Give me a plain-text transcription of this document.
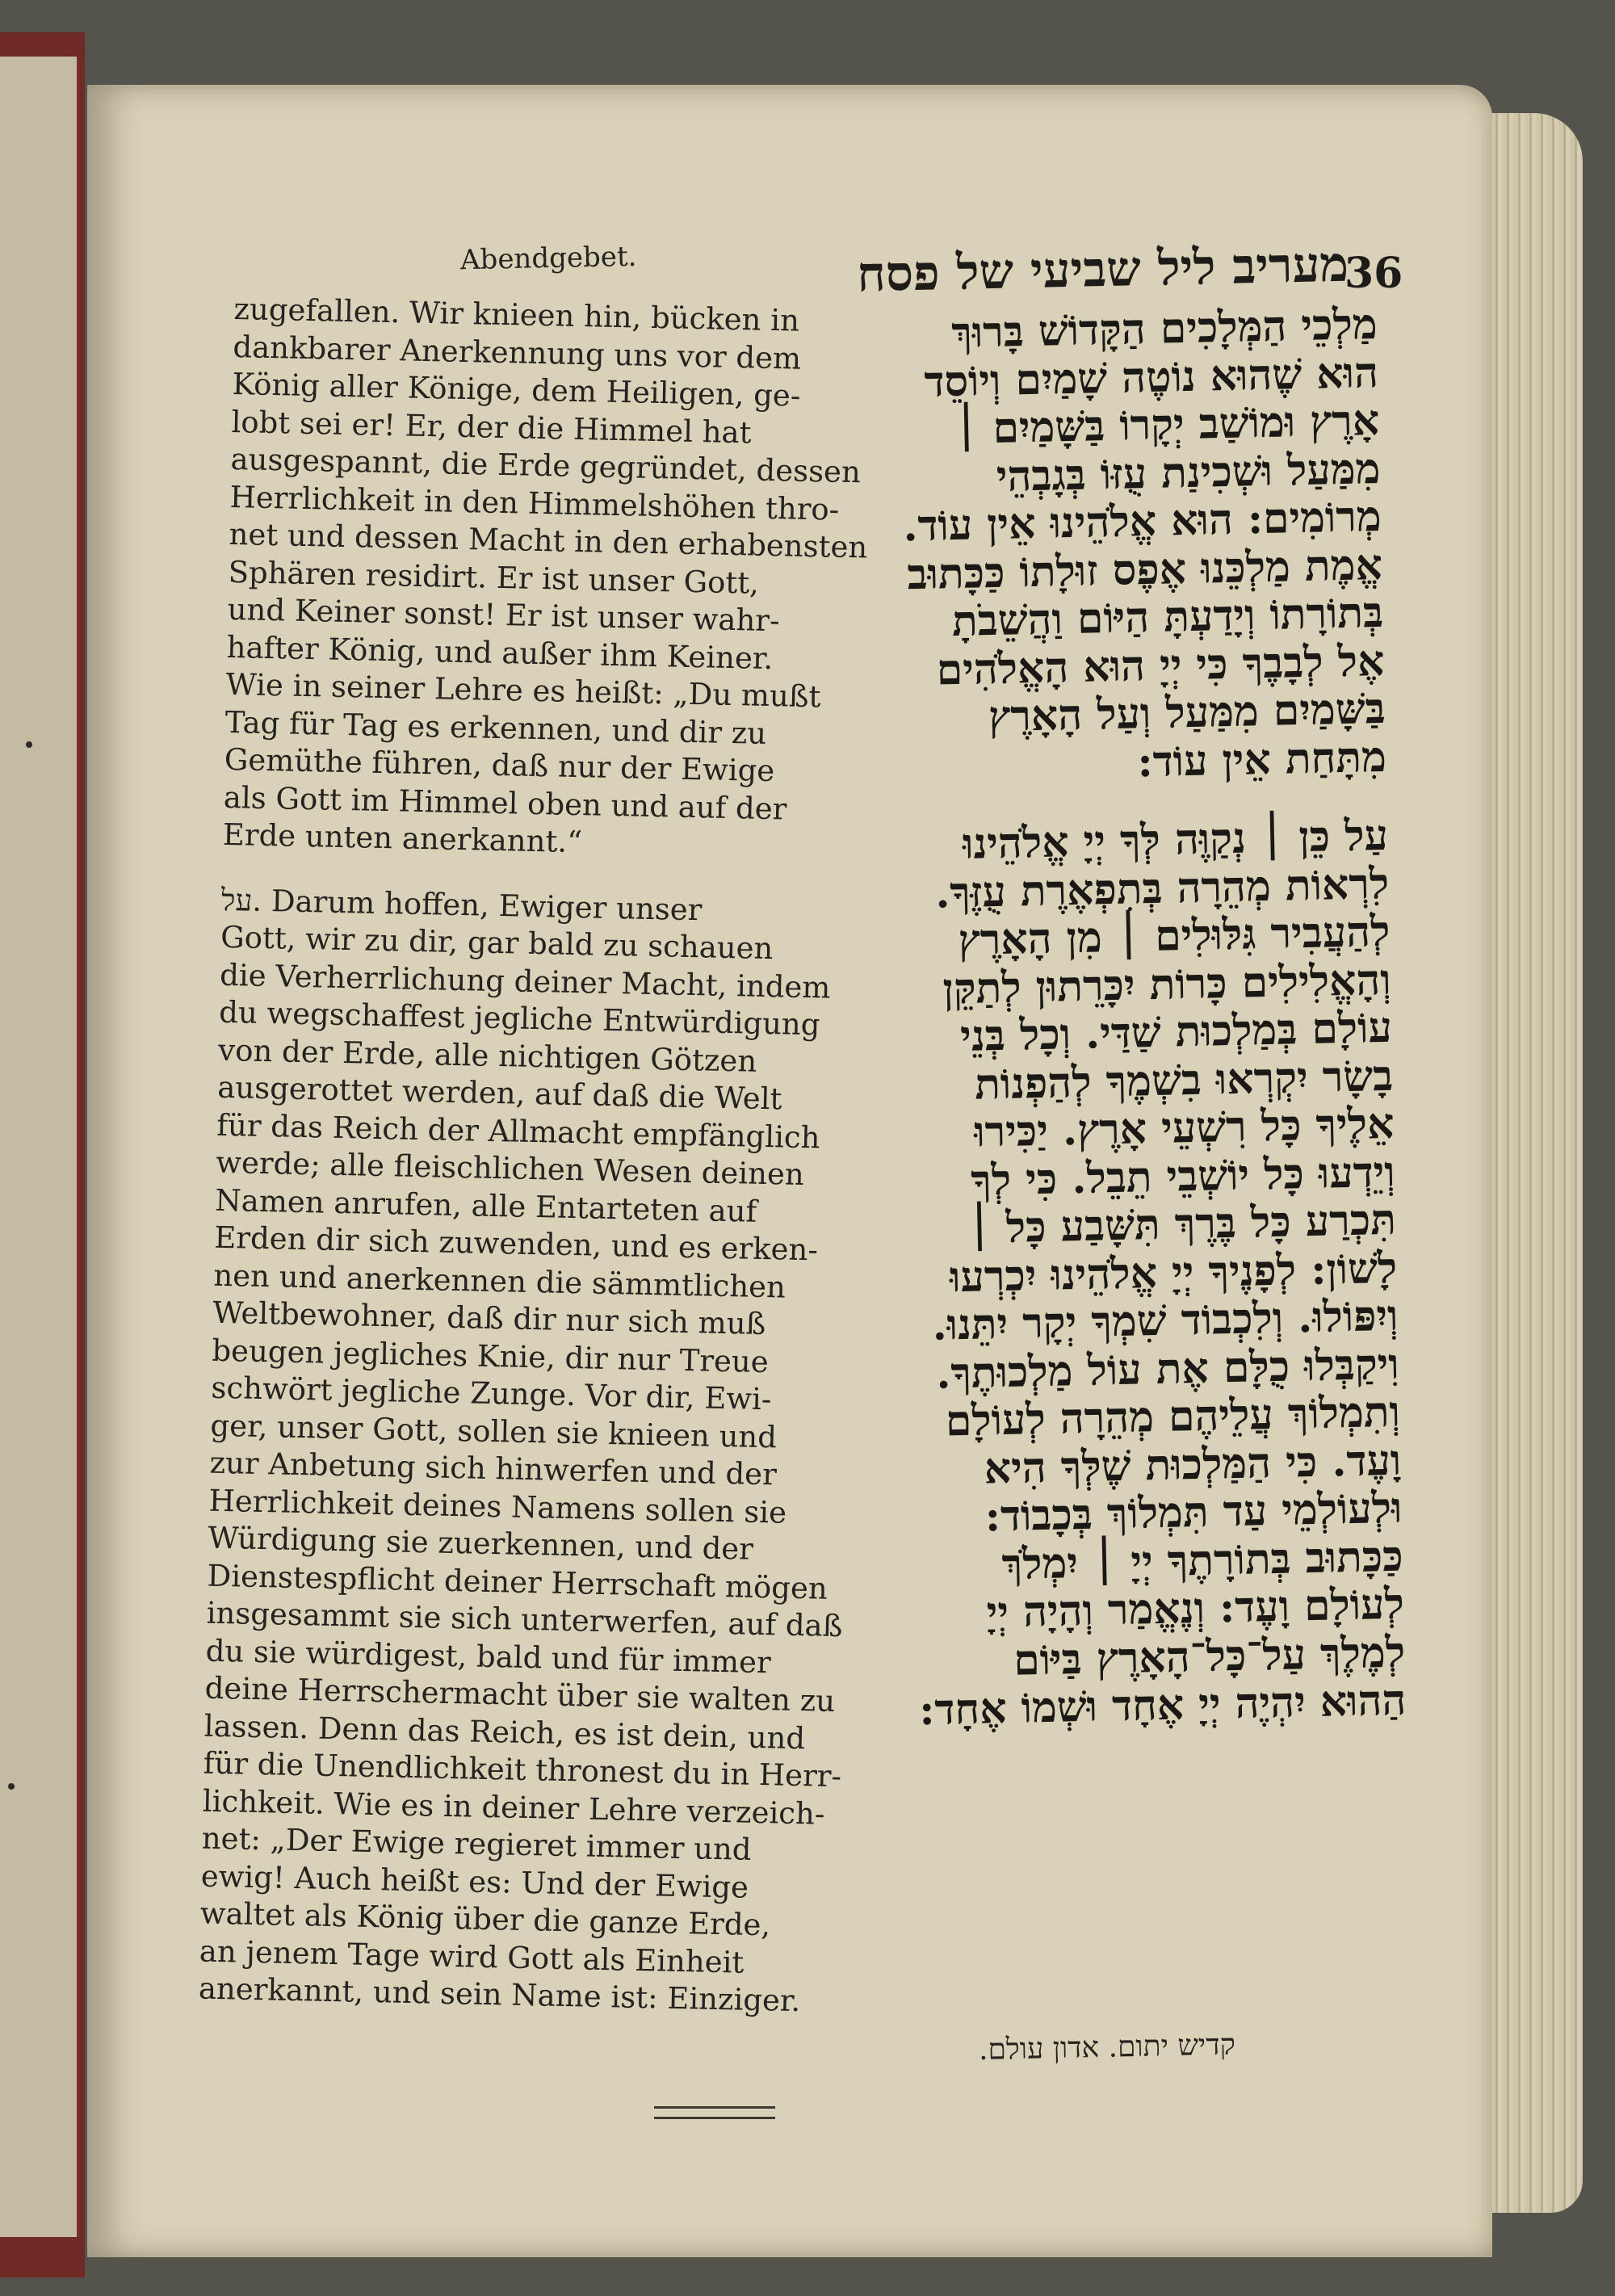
Abendgebet.	מעריב ליל שביעי של פסח
36
zugefallen. Wir knieen hin, bücken in
dankbarer Anerkennung uns vor dem
König aller Könige, dem Heiligen, ge-
lobt sei er! Er, der die Himmel hat
ausgespannt, die Erde gegründet, dessen
Herrlichkeit in den Himmelshöhen thro-
net und dessen Macht in den erhabensten
Sphären residirt. Er ist unser Gott,
und Keiner sonst! Er ist unser wahr-
hafter König, und außer ihm Keiner.
Wie in seiner Lehre es heißt: „Du mußt
Tag für Tag es erkennen, und dir zu
Gemüthe führen, daß nur der Ewige
als Gott im Himmel oben und auf der
Erde unten anerkannt.“
על. Darum hoffen, Ewiger unser
Gott, wir zu dir, gar bald zu schauen
die Verherrlichung deiner Macht, indem
du wegschaffest jegliche Entwürdigung
von der Erde, alle nichtigen Götzen
ausgerottet werden, auf daß die Welt
für das Reich der Allmacht empfänglich
werde; alle fleischlichen Wesen deinen
Namen anrufen, alle Entarteten auf
Erden dir sich zuwenden, und es erken-
nen und anerkennen die sämmtlichen
Weltbewohner, daß dir nur sich muß
beugen jegliches Knie, dir nur Treue
schwört jegliche Zunge. Vor dir, Ewi-
ger, unser Gott, sollen sie knieen und
zur Anbetung sich hinwerfen und der
Herrlichkeit deines Namens sollen sie
Würdigung sie zuerkennen, und der
Dienstespflicht deiner Herrschaft mögen
insgesammt sie sich unterwerfen, auf daß
du sie würdigest, bald und für immer
deine Herrschermacht über sie walten zu
lassen. Denn das Reich, es ist dein, und
für die Unendlichkeit thronest du in Herr-
lichkeit. Wie es in deiner Lehre verzeich-
net: „Der Ewige regieret immer und
ewig! Auch heißt es: Und der Ewige
waltet als König über die ganze Erde,
an jenem Tage wird Gott als Einheit
anerkannt, und sein Name ist: Einziger.
מַלְכֵי הַמְּלָכִים הַקָּדוֹשׁ בָּרוּךְ
הוּא שֶׁהוּא נוֹטֶה שָׁמַיִם וְיוֹסֵד
אָרֶץ וּמוֹשַׁב יְקָרוֹ בַּשָּׁמַיִם ׀
מִמַּעַל וּשְׁכִינַת עֻזּוֹ בְּגָבְהֵי
מְרוֹמִים: הוּא אֱלֹהֵינוּ אֵין עוֹד.
אֱמֶת מַלְכֵּנוּ אֶפֶס זוּלָתוֹ כַּכָּתוּב
בְּתוֹרָתוֹ וְיָדַעְתָּ הַיּוֹם וַהֲשֵׁבֹתָ
אֶל לְבָבֶךָ כִּי יְיָ הוּא הָאֱלֹהִים
בַּשָּׁמַיִם מִמַּעַל וְעַל הָאָרֶץ
מִתָּחַת אֵין עוֹד:
עַל כֵּן ׀ נְקַוֶּה לְּךָ יְיָ אֱלֹהֵינוּ
לִרְאוֹת מְהֵרָה בְּתִפְאֶרֶת עֻזֶּךָ.
לְהַעֲבִיר גִּלּוּלִים ׀ מִן הָאָרֶץ
וְהָאֱלִילִים כָּרוֹת יִכָּרֵתוּן לְתַקֵּן
עוֹלָם בְּמַלְכוּת שַׁדַּי. וְכָל בְּנֵי
בָשָׂר יִקְרְאוּ בִשְׁמֶךָ לְהַפְנוֹת
אֵלֶיךָ כָּל רִשְׁעֵי אָרֶץ. יַכִּירוּ
וְיֵדְעוּ כָּל יוֹשְׁבֵי תֵבֵל. כִּי לְךָ
תִּכְרַע כָּל בֶּרֶךְ תִּשָּׁבַע כָּל ׀
לָשׁוֹן: לְפָנֶיךָ יְיָ אֱלֹהֵינוּ יִכְרְעוּ
וְיִפּוֹלוּ. וְלִכְבוֹד שִׁמְךָ יְקָר יִתֵּנוּ.
וִיקַבְּלוּ כֻלָּם אֶת עוֹל מַלְכוּתֶךָ.
וְתִמְלוֹךְ עֲלֵיהֶם מְהֵרָה לְעוֹלָם
וָעֶד. כִּי הַמַּלְכוּת שֶׁלְּךָ הִיא
וּלְעוֹלְמֵי עַד תִּמְלוֹךְ בְּכָבוֹד:
כַּכָּתוּב בְּתוֹרָתֶךָ יְיָ ׀ יִמְלֹךְ
לְעוֹלָם וָעֶד: וְנֶאֱמַר וְהָיָה יְיָ
לְמֶלֶךְ עַל־כָּל־הָאָרֶץ בַּיּוֹם
הַהוּא יִהְיֶה יְיָ אֶחָד וּשְׁמוֹ אֶחָד:
קדיש יתום. אדון עולם.
